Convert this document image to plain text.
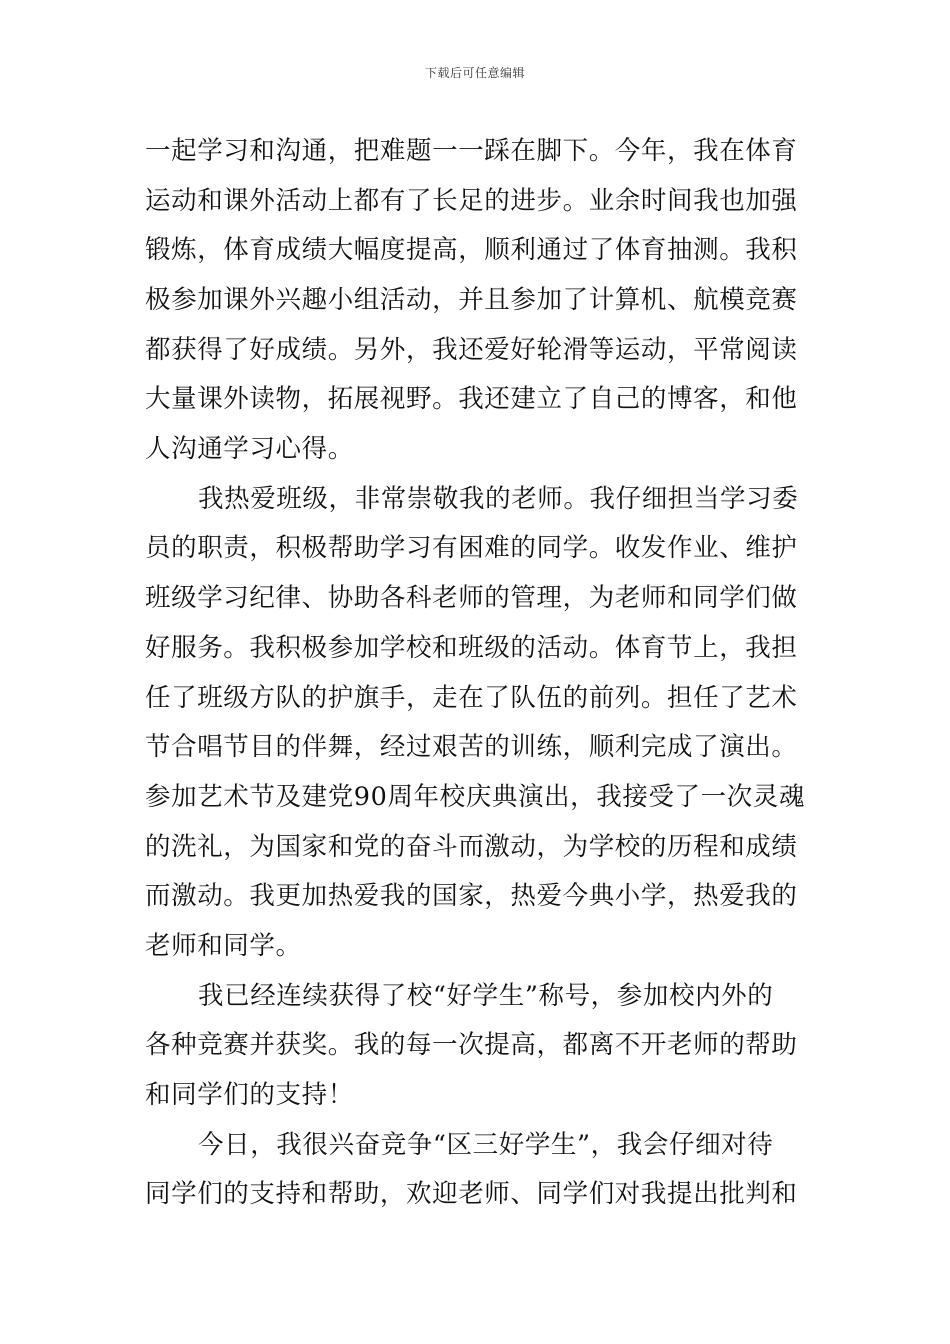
下载后可任意编辑
一起学习和沟通，把难题一一踩在脚下。今年，我在体育
运动和课外活动上都有了长足的进步。业余时间我也加强
锻炼，体育成绩大幅度提高，顺利通过了体育抽测。我积
极参加课外兴趣小组活动，并且参加了计算机、航模竞赛
都获得了好成绩。另外，我还爱好轮滑等运动，平常阅读
大量课外读物，拓展视野。我还建立了自己的博客，和他
人沟通学习心得。
我热爱班级，非常崇敬我的老师。我仔细担当学习委
员的职责，积极帮助学习有困难的同学。收发作业、维护
班级学习纪律、协助各科老师的管理，为老师和同学们做
好服务。我积极参加学校和班级的活动。体育节上，我担
任了班级方队的护旗手，走在了队伍的前列。担任了艺术
节合唱节目的伴舞，经过艰苦的训练，顺利完成了演出。
参加艺术节及建党90周年校庆典演出，我接受了一次灵魂
的洗礼，为国家和党的奋斗而激动，为学校的历程和成绩
而激动。我更加热爱我的国家，热爱今典小学，热爱我的
老师和同学。
我已经连续获得了校“好学生”称号，参加校内外的
各种竞赛并获奖。我的每一次提高，都离不开老师的帮助
和同学们的支持！
今日，我很兴奋竞争“区三好学生”，我会仔细对待
同学们的支持和帮助，欢迎老师、同学们对我提出批判和
